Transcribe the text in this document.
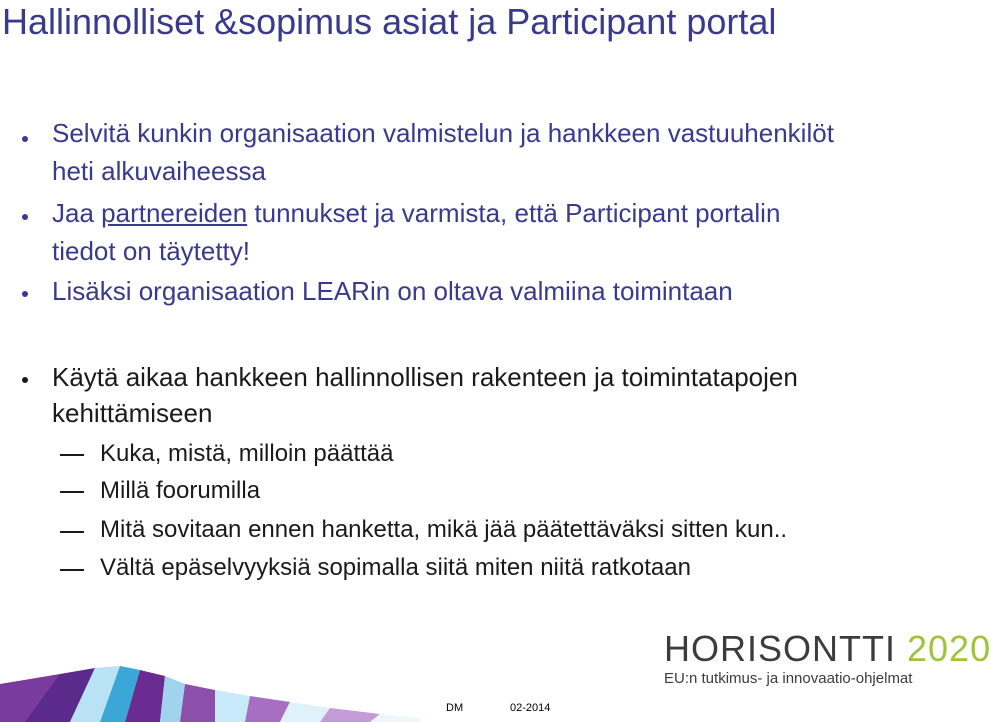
Hallinnolliset &sopimus asiat ja Participant portal

Selvitä kunkin organisaation valmistelun ja hankkeen vastuuhenkilöt
heti alkuvaiheessa

Jaa partnereiden tunnukset ja varmista, että Participant portalin
tiedot on täytetty!

Lisäksi organisaation LEARin on oltava valmiina toimintaan

Käytä aikaa hankkeen hallinnollisen rakenteen ja toimintatapojen
kehittämiseen

Kuka, mistä, milloin päättää

Millä foorumilla

Mitä sovitaan ennen hanketta, mikä jää päätettäväksi sitten kun..

Vältä epäselvyyksiä sopimalla siitä miten niitä ratkotaan

HORISONTTI 2020
EU:n tutkimus- ja innovaatio-ohjelmat
DM	02-2014
